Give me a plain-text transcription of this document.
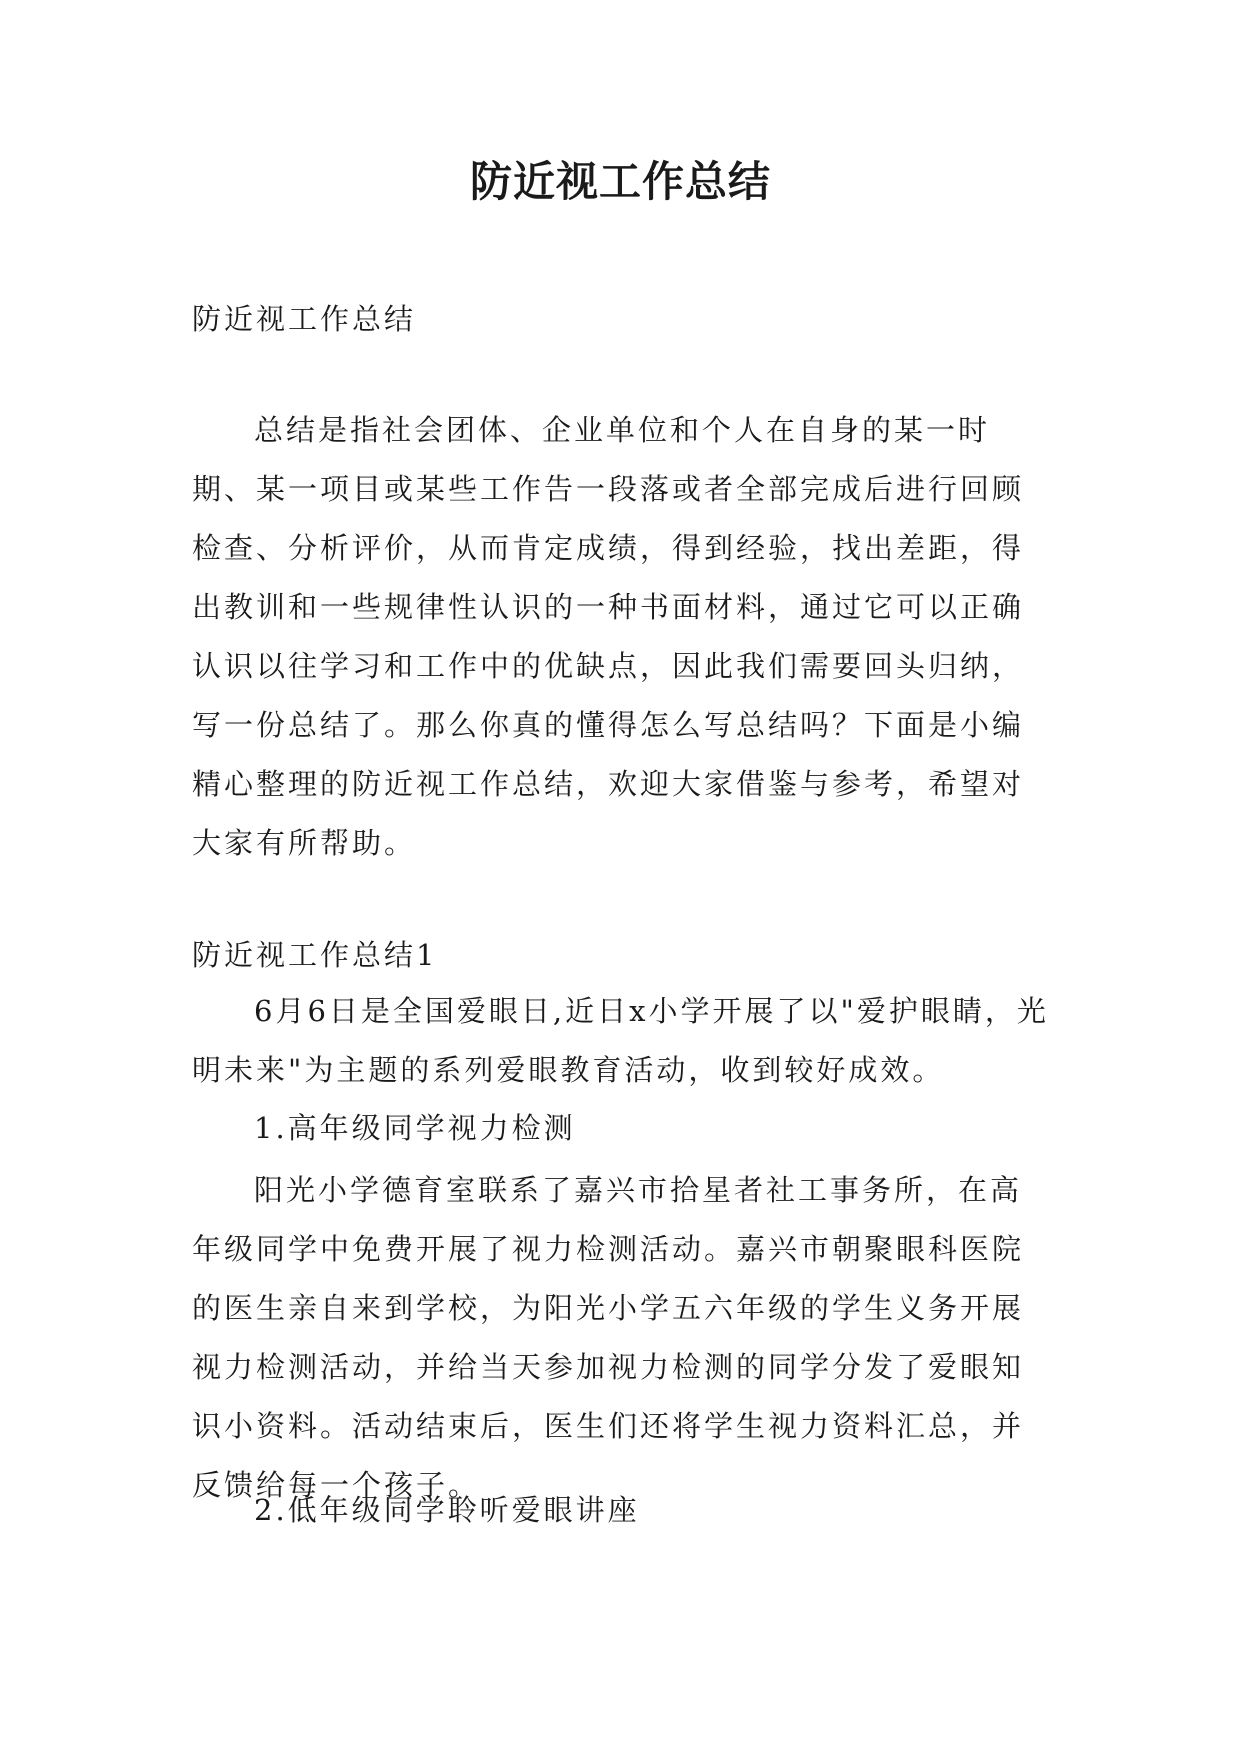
防近视工作总结

防近视工作总结

总结是指社会团体、企业单位和个人在自身的某一时期、某一项目或某些工作告一段落或者全部完成后进行回顾检查、分析评价，从而肯定成绩，得到经验，找出差距，得出教训和一些规律性认识的一种书面材料，通过它可以正确认识以往学习和工作中的优缺点，因此我们需要回头归纳，写一份总结了。那么你真的懂得怎么写总结吗？下面是小编精心整理的防近视工作总结，欢迎大家借鉴与参考，希望对大家有所帮助。

防近视工作总结1

6月6日是全国爱眼日,近日x小学开展了以"爱护眼睛，光明未来"为主题的系列爱眼教育活动，收到较好成效。

1.高年级同学视力检测

阳光小学德育室联系了嘉兴市拾星者社工事务所，在高年级同学中免费开展了视力检测活动。嘉兴市朝聚眼科医院的医生亲自来到学校，为阳光小学五六年级的学生义务开展视力检测活动，并给当天参加视力检测的同学分发了爱眼知识小资料。活动结束后，医生们还将学生视力资料汇总，并反馈给每一个孩子。

2.低年级同学聆听爱眼讲座
